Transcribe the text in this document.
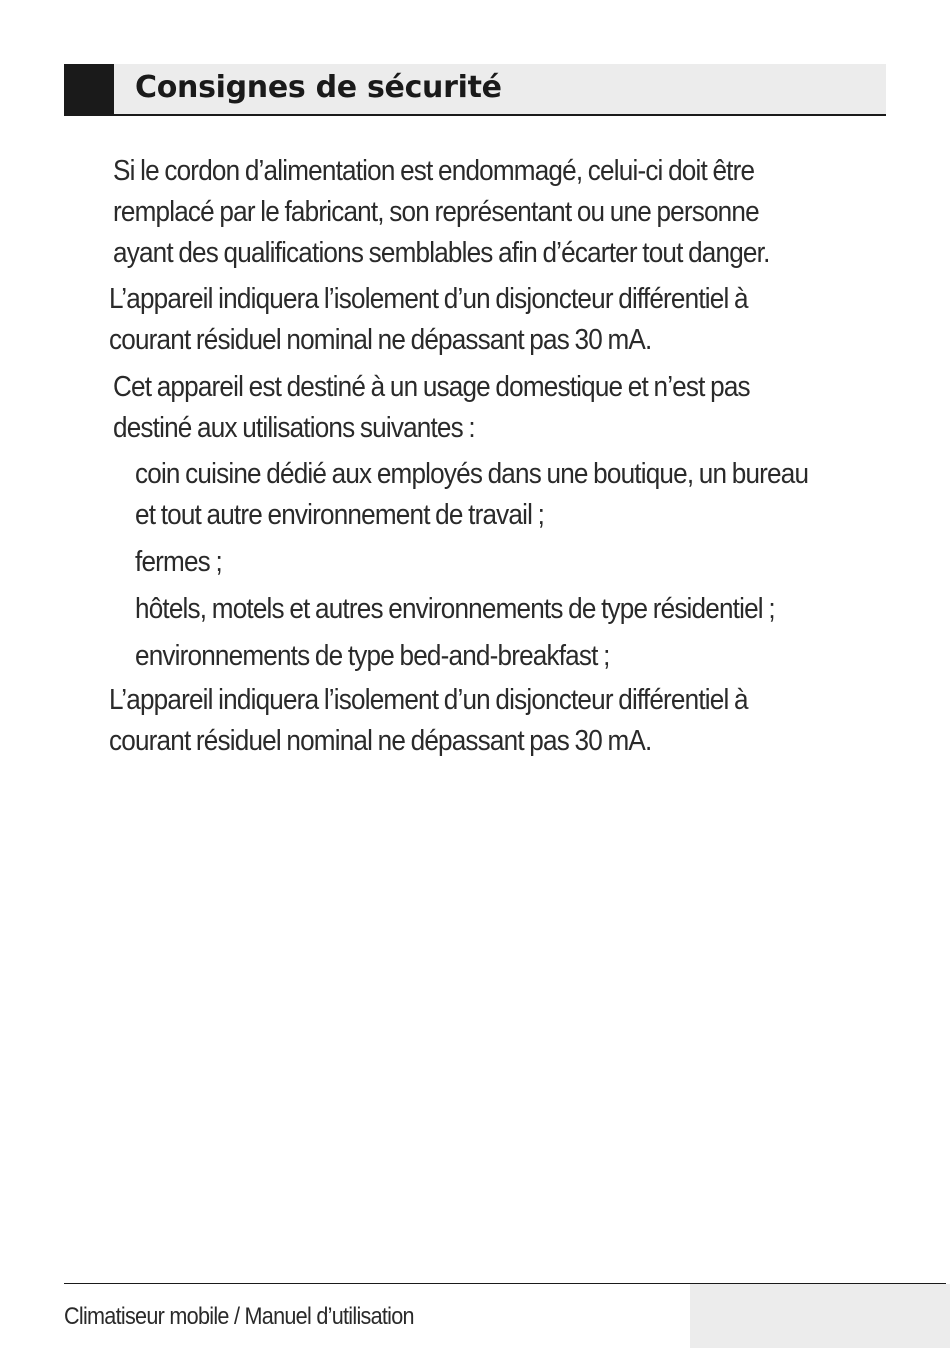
Consignes de sécurité
Si le cordon d’alimentation est endommagé, celui-ci doit être
remplacé par le fabricant, son représentant ou une personne
ayant des qualifications semblables afin d’écarter tout danger.
L’appareil indiquera l’isolement d’un disjoncteur différentiel à
courant résiduel nominal ne dépassant pas 30 mA.
Cet appareil est destiné à un usage domestique et n’est pas
destiné aux utilisations suivantes :
coin cuisine dédié aux employés dans une boutique, un bureau
et tout autre environnement de travail ;
fermes ;
hôtels, motels et autres environnements de type résidentiel ;
environnements de type bed-and-breakfast ;
L’appareil indiquera l’isolement d’un disjoncteur différentiel à
courant résiduel nominal ne dépassant pas 30 mA.
Climatiseur mobile / Manuel d’utilisation
